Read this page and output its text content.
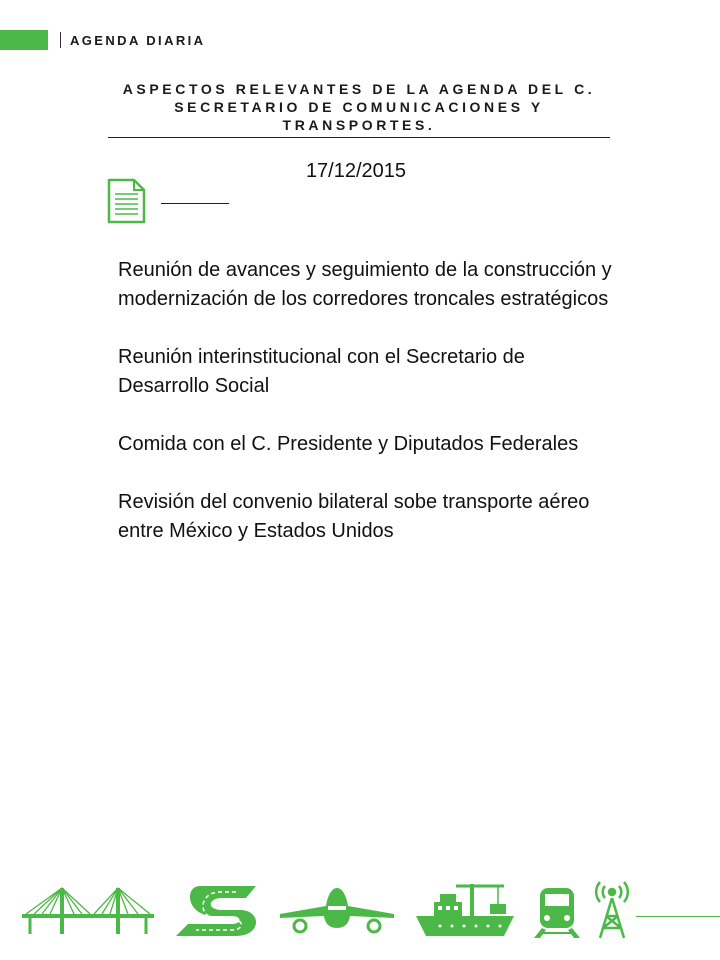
AGENDA DIARIA
ASPECTOS RELEVANTES DE LA AGENDA DEL C. SECRETARIO DE COMUNICACIONES Y TRANSPORTES.
17/12/2015

Reunión de avances y seguimiento de la construcción y modernización de los corredores troncales estratégicos

Reunión interinstitucional con el Secretario de Desarrollo Social

Comida con el C. Presidente y Diputados Federales

Revisión del convenio bilateral sobe transporte aéreo entre México y Estados Unidos
